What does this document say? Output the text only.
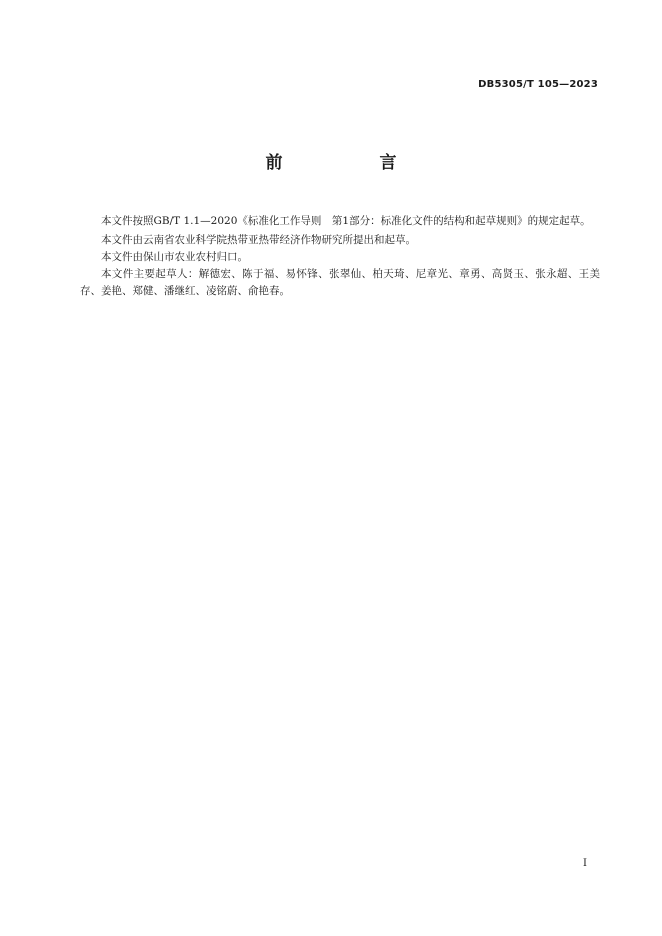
DB5305/T 105—2023
前　言

本文件按照GB/T 1.1—2020《标准化工作导则　第1部分：标准化文件的结构和起草规则》的规定起草。

本文件由云南省农业科学院热带亚热带经济作物研究所提出和起草。

本文件由保山市农业农村归口。

本文件主要起草人：解德宏、陈于福、易怀锋、张翠仙、柏天琦、尼章光、章勇、高贤玉、张永超、王美存、姜艳、郑健、潘继红、凌铭蔚、俞艳春。

I
